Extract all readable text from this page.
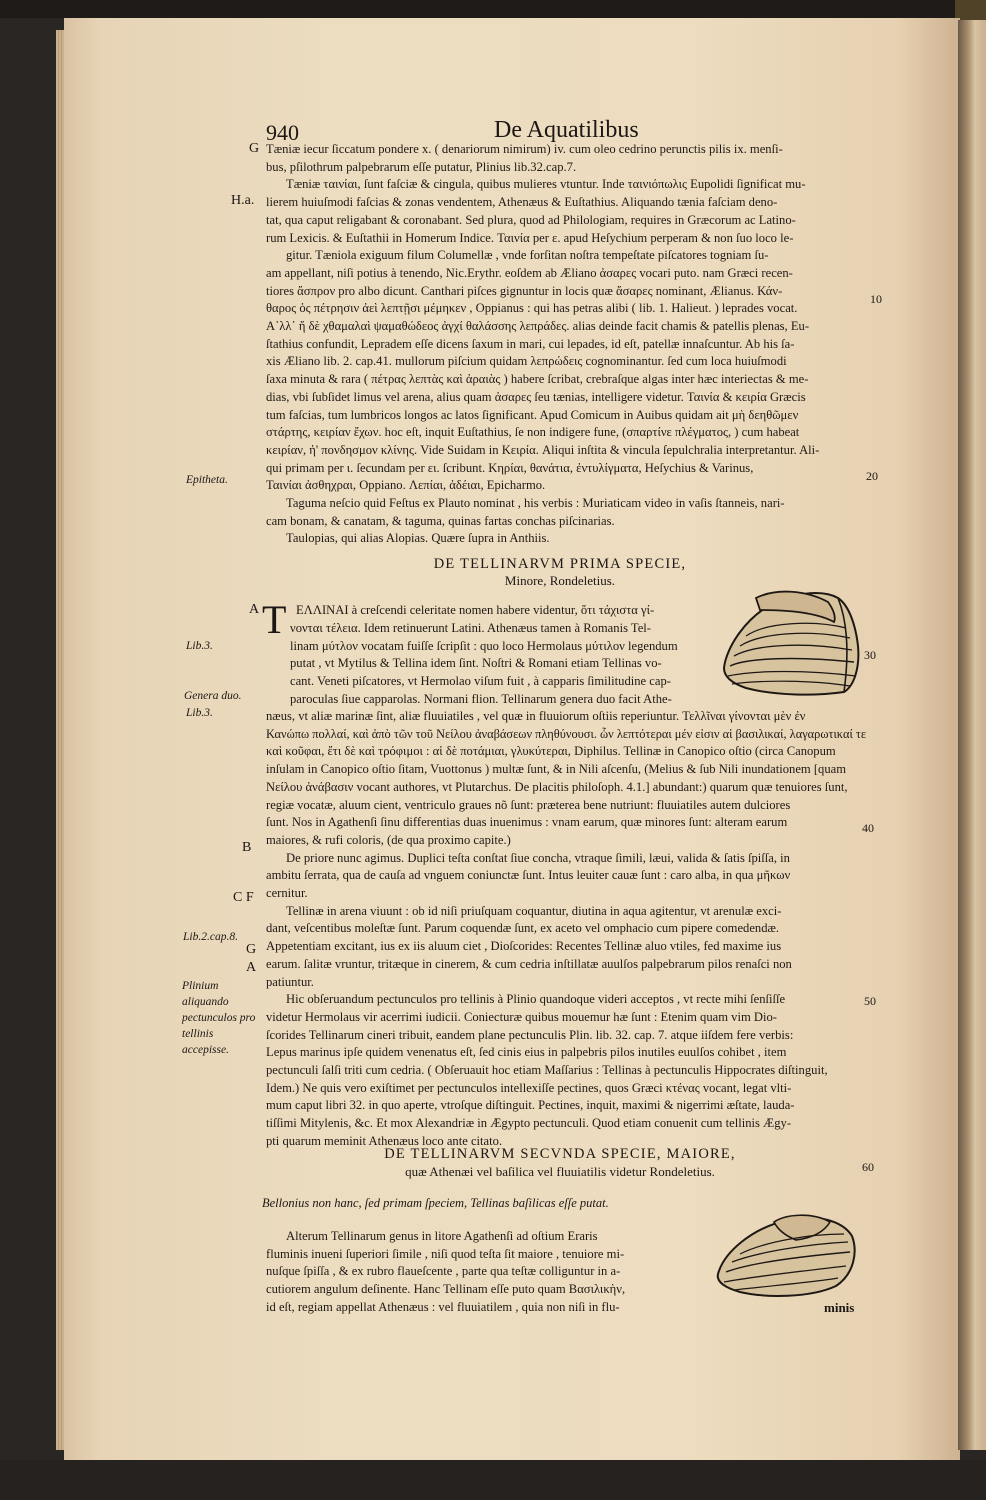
940	De Aquatilibus
G
H.a.
A
B
C F
G
A
10
20
30
40
50
60
Epitheta.
Lib.3.
Genera duo.
Lib.3.
Lib.2.cap.8.
Plinium aliquando pectunculos pro tellinis accepisse.

Tæniæ iecur ſiccatum pondere x. ( denariorum nimirum) iv. cum oleo cedrino perunctis pilis ix. menſi-

bus, pſilothrum palpebrarum eſſe putatur, Plinius lib.32.cap.7.

Tæniæ ταινίαι, ſunt faſciæ & cingula, quibus mulieres vtuntur. Inde ταινιόπωλις Eupolidi ſignificat mu-

lierem huiuſmodi faſcias & zonas vendentem, Athenæus & Euſtathius. Aliquando tænia faſciam deno-

tat, qua caput religabant & coronabant. Sed plura, quod ad Philologiam, requires in Græcorum ac Latino-

rum Lexicis. & Euſtathii in Homerum Indice. Ταινία per ε. apud Heſychium perperam & non ſuo loco le-

gitur. Tæniola exiguum filum Columellæ , vnde forſitan noſtra tempeſtate piſcatores togniam ſu-

am appellant, niſi potius à tenendo, Nic.Erythr. eoſdem ab Æliano ἀσαρες vocari puto. nam Græci recen-

tiores ἄσπρον pro albo dicunt. Canthari piſces gignuntur in locis quæ ἄσαρες nominant, Ælianus. Κάν-

θαρος ὁς πέτρησιν ἀεὶ λεπτῇσι μέμηκεν , Oppianus : qui has petras alibi ( lib. 1. Halieut. ) leprades vocat.

Α᾽λλ᾽ ἤ δὲ χθαμαλαὶ ψαμαθώδεος ἀγχί θαλάσσης λεπράδες. alias deinde facit chamis & patellis plenas, Eu-

ſtathius confundit, Lepradem eſſe dicens ſaxum in mari, cui lepades, id eſt, patellæ innaſcuntur. Ab his ſa-

xis Æliano lib. 2. cap.41. mullorum piſcium quidam λεπρώδεις cognominantur. ſed cum loca huiuſmodi

ſaxa minuta & rara ( πέτρας λεπτὰς καὶ ἀραιὰς ) habere ſcribat, crebraſque algas inter hæc interiectas & me-

dias, vbi ſubſidet limus vel arena, alius quam ἀσαρες ſeu tænias, intelligere videtur. Ταινία & κειρία Græcis

tum faſcias, tum lumbricos longos ac latos ſignificant. Apud Comicum in Auibus quidam ait μὴ δεηθῶμεν

στάρτης, κειρίαν ἔχων. hoc eſt, inquit Euſtathius, ſe non indigere fune, (σπαρτίνε πλέγματος, ) cum habeat

κειρίαν, ἡ' πονδησμον κλίνης. Vide Suidam in Κειρία. Aliqui inſtita & vincula ſepulchralia interpretantur. Ali-

qui primam per ι. ſecundam per ει. ſcribunt. Κηρίαι, θανάτια, ἐντυλίγματα, Heſychius & Varinus,

Ταινίαι ἀσθηχραι, Oppiano. Λεπίαι, ἀδέιαι, Epicharmo.

Taguma neſcio quid Feſtus ex Plauto nominat , his verbis : Muriaticam video in vaſis ſtanneis, nari-

cam bonam, & canatam, & taguma, quinas fartas conchas piſcinarias.

Taulopias, qui alias Alopias. Quære ſupra in Anthiis.

DE TELLINARVM PRIMA SPECIE,
Minore, Rondeletius.
T ΕΛΛΙΝΑΙ à creſcendi celeritate nomen habere videntur, ὅτι τάχιστα γί-

νονται τέλεια. Idem retinuerunt Latini. Athenæus tamen à Romanis Tel-

linam μύτλον vocatam fuiſſe ſcripſit : quo loco Hermolaus μύτιλον legendum

putat , vt Mytilus & Tellina idem ſint. Noſtri & Romani etiam Tellinas vo-

cant. Veneti piſcatores, vt Hermolao viſum fuit , à capparis ſimilitudine cap-

paroculas ſiue capparolas. Normani flion. Tellinarum genera duo facit Athe-

næus, vt aliæ marinæ ſint, aliæ fluuiatiles , vel quæ in fluuiorum oſtiis reperiuntur. Τελλῖναι γίνονται μὲν ἐν

Κανώπω πολλαί, καὶ ἀπὸ τῶν τοῦ Νείλου ἀναβάσεων πληθύνουσι. ὧν λεπτότεραι μέν εἰσιν αἱ βασιλικαί, λαγαρωτικαί τε

καὶ κοῦφαι, ἔτι δὲ καὶ τρόφιμοι : αἱ δὲ ποτάμιαι, γλυκύτεραι, Diphilus. Tellinæ in Canopico oſtio (circa Canopum

inſulam in Canopico oſtio ſitam, Vuottonus ) multæ ſunt, & in Nili aſcenſu, (Melius & ſub Nili inundationem [quam

Νείλου ἀνάβασιν vocant authores, vt Plutarchus. De placitis philoſoph. 4.1.] abundant:) quarum quæ tenuiores ſunt,

regiæ vocatæ, aluum cient, ventriculo graues nõ ſunt: præterea bene nutriunt: fluuiatiles autem dulciores

ſunt. Nos in Agathenſi ſinu differentias duas inuenimus : vnam earum, quæ minores ſunt: alteram earum

maiores, & rufi coloris, (de qua proximo capite.)

De priore nunc agimus. Duplici teſta conſtat ſiue concha, vtraque ſimili, læui, valida & ſatis ſpiſſa, in

ambitu ſerrata, qua de cauſa ad vnguem coniunctæ ſunt. Intus leuiter cauæ ſunt : caro alba, in qua μῆκων

cernitur.

Tellinæ in arena viuunt : ob id niſi priuſquam coquantur, diutina in aqua agitentur, vt arenulæ exci-

dant, veſcentibus moleſtæ ſunt. Parum coquendæ ſunt, ex aceto vel omphacio cum pipere comedendæ.

Appetentiam excitant, ius ex iis aluum ciet , Dioſcorides: Recentes Tellinæ aluo vtiles, fed maxime ius

earum. ſalitæ vruntur, tritæque in cinerem, & cum cedria inſtillatæ auulſos palpebrarum pilos renaſci non

patiuntur.

Hic obſeruandum pectunculos pro tellinis à Plinio quandoque videri acceptos , vt recte mihi ſenſiſſe

videtur Hermolaus vir acerrimi iudicii. Coniecturæ quibus mouemur hæ ſunt : Etenim quam vim Dio-

ſcorides Tellinarum cineri tribuit, eandem plane pectunculis Plin. lib. 32. cap. 7. atque iiſdem fere verbis:

Lepus marinus ipſe quidem venenatus eſt, ſed cinis eius in palpebris pilos inutiles euulſos cohibet , item

pectunculi ſalſi triti cum cedria. ( Obſeruauit hoc etiam Maſſarius : Tellinas à pectunculis Hippocrates diſtinguit,

Idem.) Ne quis vero exiſtimet per pectunculos intellexiſſe pectines, quos Græci κτένας vocant, legat vlti-

mum caput libri 32. in quo aperte, vtroſque diſtinguit. Pectines, inquit, maximi & nigerrimi æſtate, lauda-

tiſſimi Mitylenis, &c. Et mox Alexandriæ in Ægypto pectunculi. Quod etiam conuenit cum tellinis Ægy-

pti quarum meminit Athenæus loco ante citato.

DE TELLINARVM SECVNDA SPECIE, MAIORE,
quæ Athenæi vel baſilica vel fluuiatilis videtur Rondeletius.
Bellonius non hanc, ſed primam ſpeciem, Tellinas baſilicas eſſe putat.

Alterum Tellinarum genus in litore Agathenſi ad oſtium Eraris

fluminis inueni ſuperiori ſimile , niſi quod teſta ſit maiore , tenuiore mi-

nuſque ſpiſſa , & ex rubro flaueſcente , parte qua teſtæ colliguntur in a-

cutiorem angulum deſinente. Hanc Tellinam eſſe puto quam Βασιλικὴν,

id eſt, regiam appellat Athenæus : vel fluuiatilem , quia non niſi in flu-	minis
